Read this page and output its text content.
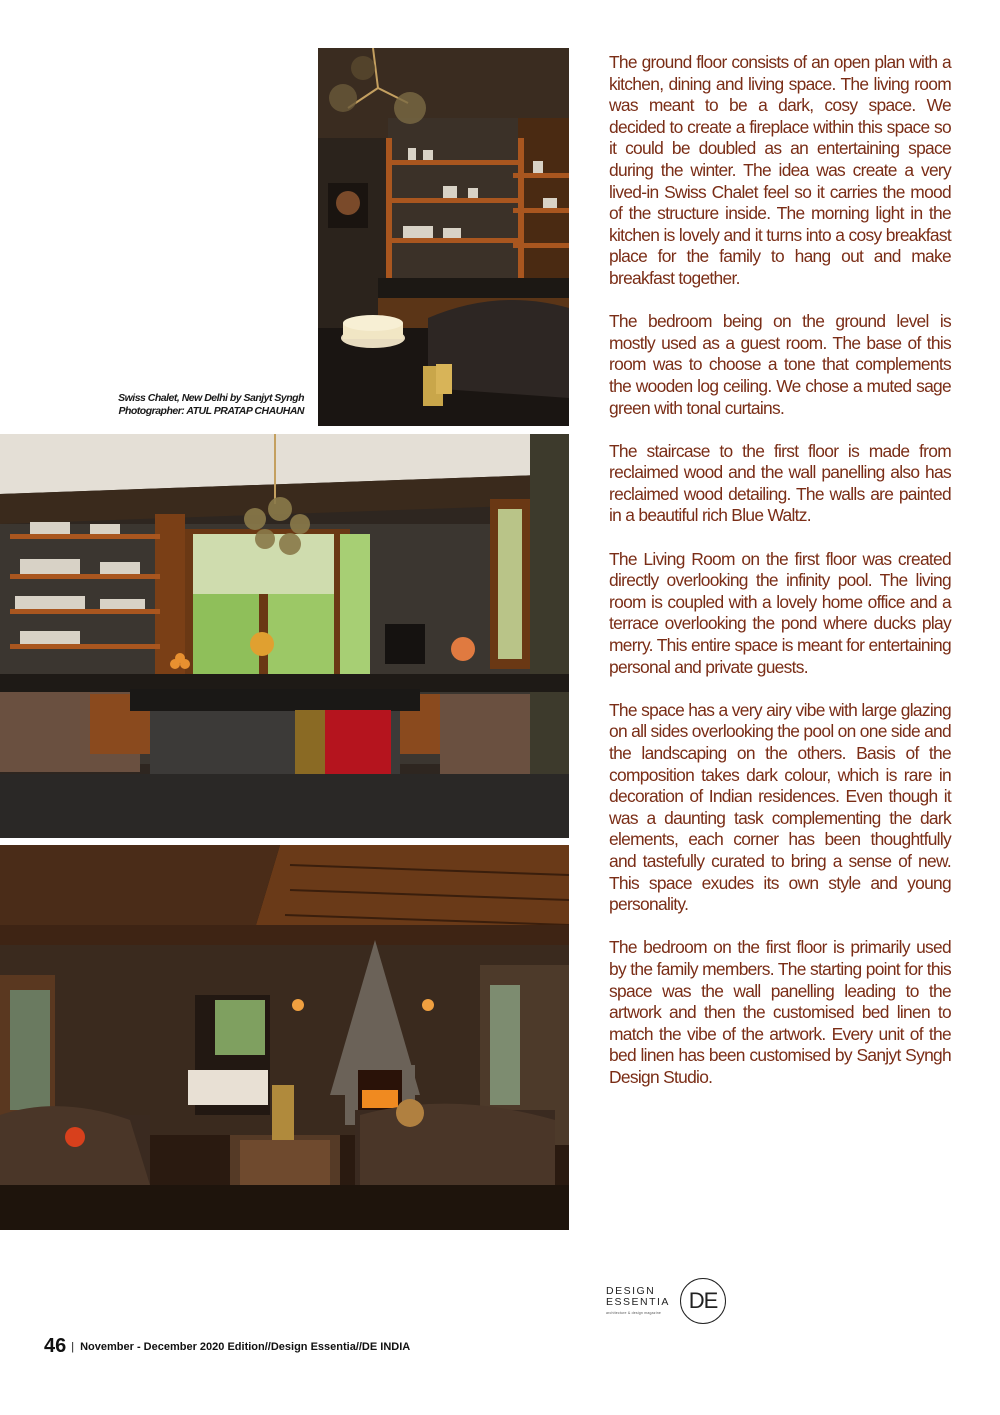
Swiss Chalet, New Delhi by Sanjyt Syngh
Photographer: ATUL PRATAP CHAUHAN

The ground floor consists of an open plan with a kitchen, dining and living space. The living room was meant to be a dark, cosy space. We decided to create a fireplace within this space so it could be doubled as an entertaining space during the winter. The idea was create a very lived-in Swiss Chalet feel so it carries the mood of the structure inside. The morning light in the kitchen is lovely and it turns into a cosy breakfast place for the family to hang out and make breakfast together.

The bedroom being on the ground level is mostly used as a guest room. The base of this room was to choose a tone that complements the wooden log ceiling. We chose a muted sage green with tonal curtains.

The staircase to the first floor is made from reclaimed wood and the wall panelling also has reclaimed wood detailing. The walls are painted in a beautiful rich Blue Waltz.

The Living Room on the first floor was created directly overlooking the infinity pool. The living room is coupled with a lovely home office and a terrace overlooking the pond where ducks play merry. This entire space is meant for entertaining personal and private guests.

The space has a very airy vibe with large glazing on all sides overlooking the pool on one side and the landscaping on the others. Basis of the composition takes dark colour, which is rare in decoration of Indian residences. Even though it was a daunting task complementing the dark elements, each corner has been thoughtfully and tastefully curated to bring a sense of new. This space exudes its own style and young personality.

The bedroom on the first floor is primarily used by the family members. The starting point for this space was the wall panelling leading to the artwork and then the customised bed linen to match the vibe of the artwork. Every unit of the bed linen has been customised by Sanjyt Syngh Design Studio.

DESIGN
ESSENTIA
architecture & design magazine	DE
46 | November - December 2020 Edition//Design Essentia//DE INDIA
